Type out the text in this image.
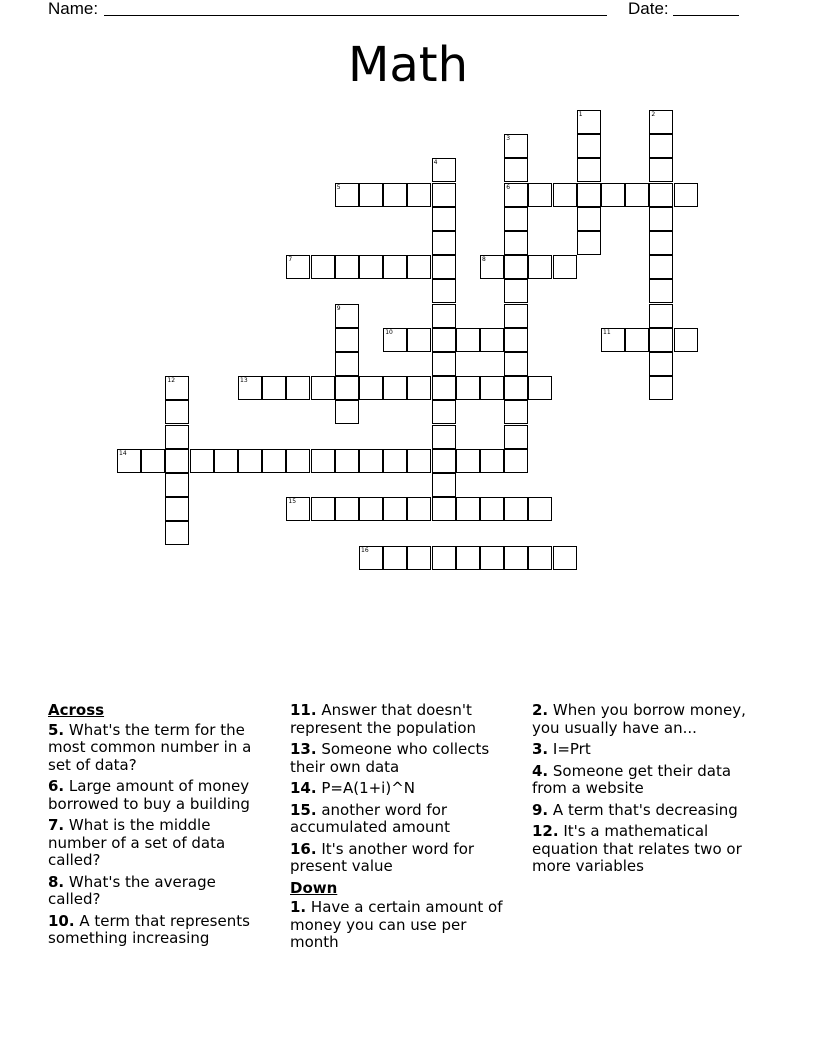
Name:	Date:
Math
5	6
7	8
10	11
13
14
15
16
1	2
3
4
9
12
Across
5. What's the term for the most common number in a set of data?
6. Large amount of money borrowed to buy a building
7. What is the middle number of a set of data called?
8. What's the average called?
10. A term that represents something increasing
11. Answer that doesn't represent the population
13. Someone who collects their own data
14. P=A(1+i)^N
15. another word for accumulated amount
16. It's another word for present value
Down
1. Have a certain amount of money you can use per month
2. When you borrow money, you usually have an...
3. I=Prt
4. Someone get their data from a website
9. A term that's decreasing
12. It's a mathematical equation that relates two or more variables
